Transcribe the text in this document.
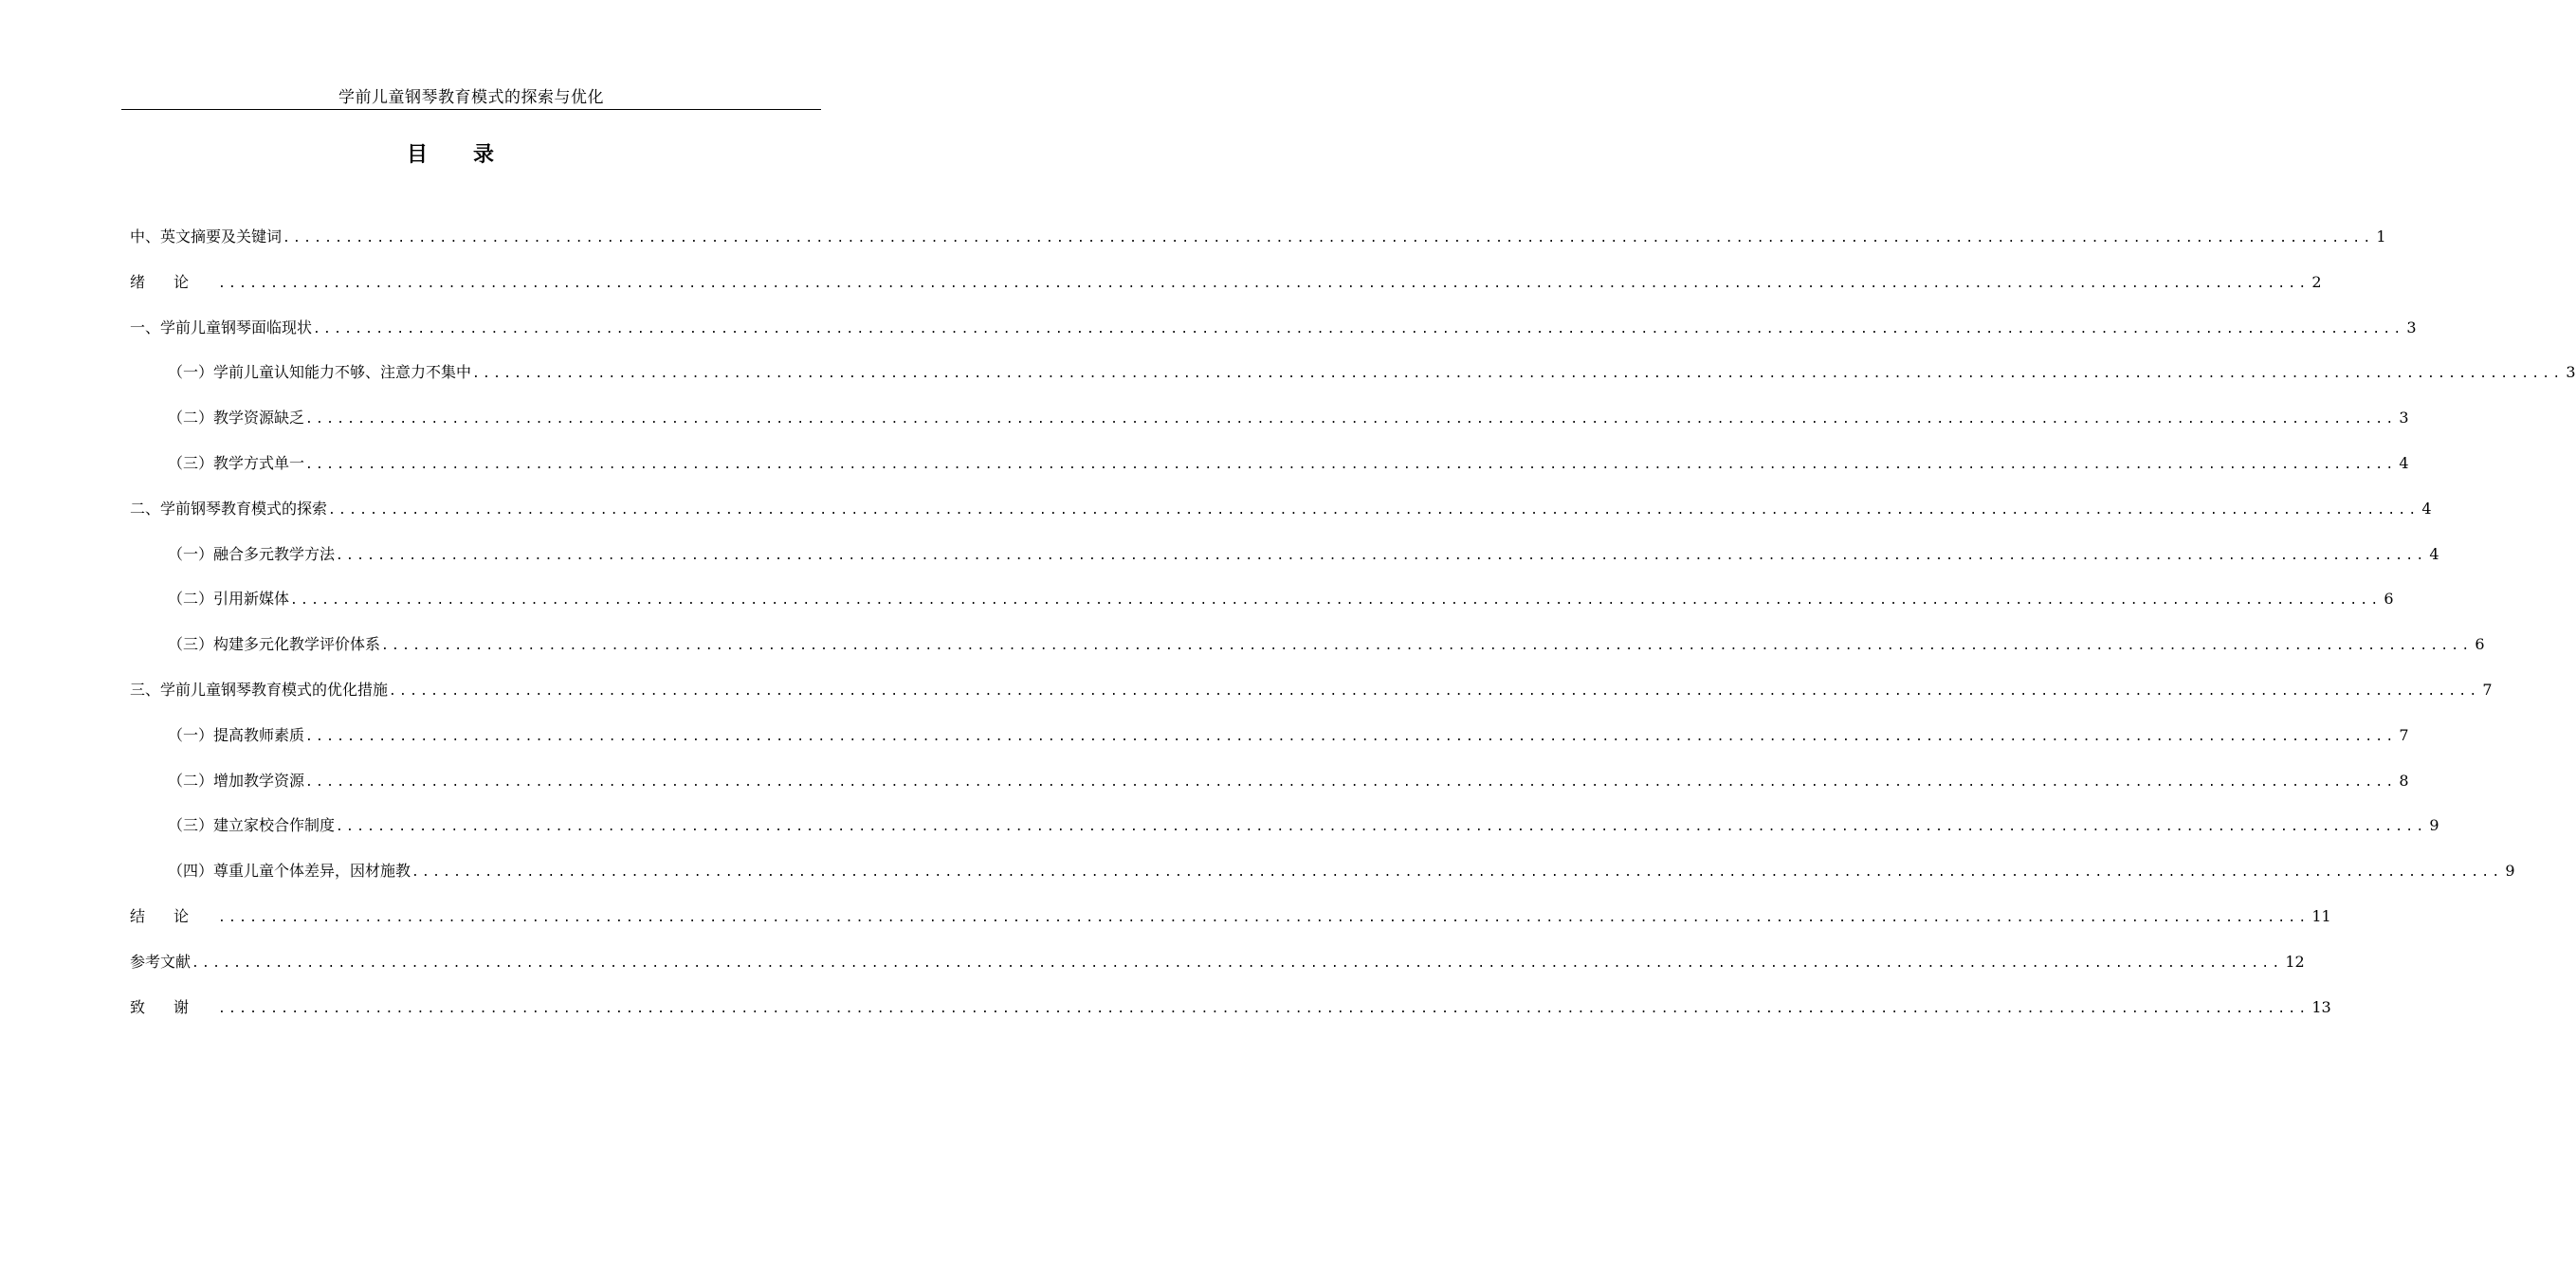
学前儿童钢琴教育模式的探索与优化
目 录
中、英文摘要及关键词 ........................................................................................................................................................................................................ 1
绪论 ........................................................................................................................................................................................................ 2
一、 学前儿童钢琴面临现状 ........................................................................................................................................................................................................ 3
（一） 学前儿童认知能力不够、注意力不集中 ........................................................................................................................................................................................................ 3
（二） 教学资源缺乏 ........................................................................................................................................................................................................ 3
（三） 教学方式单一 ........................................................................................................................................................................................................ 4
二、 学前钢琴教育模式的探索 ........................................................................................................................................................................................................ 4
（一） 融合多元教学方法 ........................................................................................................................................................................................................ 4
（二） 引用新媒体 ........................................................................................................................................................................................................ 6
（三） 构建多元化教学评价体系 ........................................................................................................................................................................................................ 6
三、 学前儿童钢琴教育模式的优化措施 ........................................................................................................................................................................................................ 7
（一） 提高教师素质 ........................................................................................................................................................................................................ 7
（二） 增加教学资源 ........................................................................................................................................................................................................ 8
（三） 建立家校合作制度 ........................................................................................................................................................................................................ 9
（四） 尊重儿童个体差异，因材施教 ........................................................................................................................................................................................................ 9
结论 ........................................................................................................................................................................................................ 11
参考文献 ........................................................................................................................................................................................................ 12
致谢 ........................................................................................................................................................................................................ 13
